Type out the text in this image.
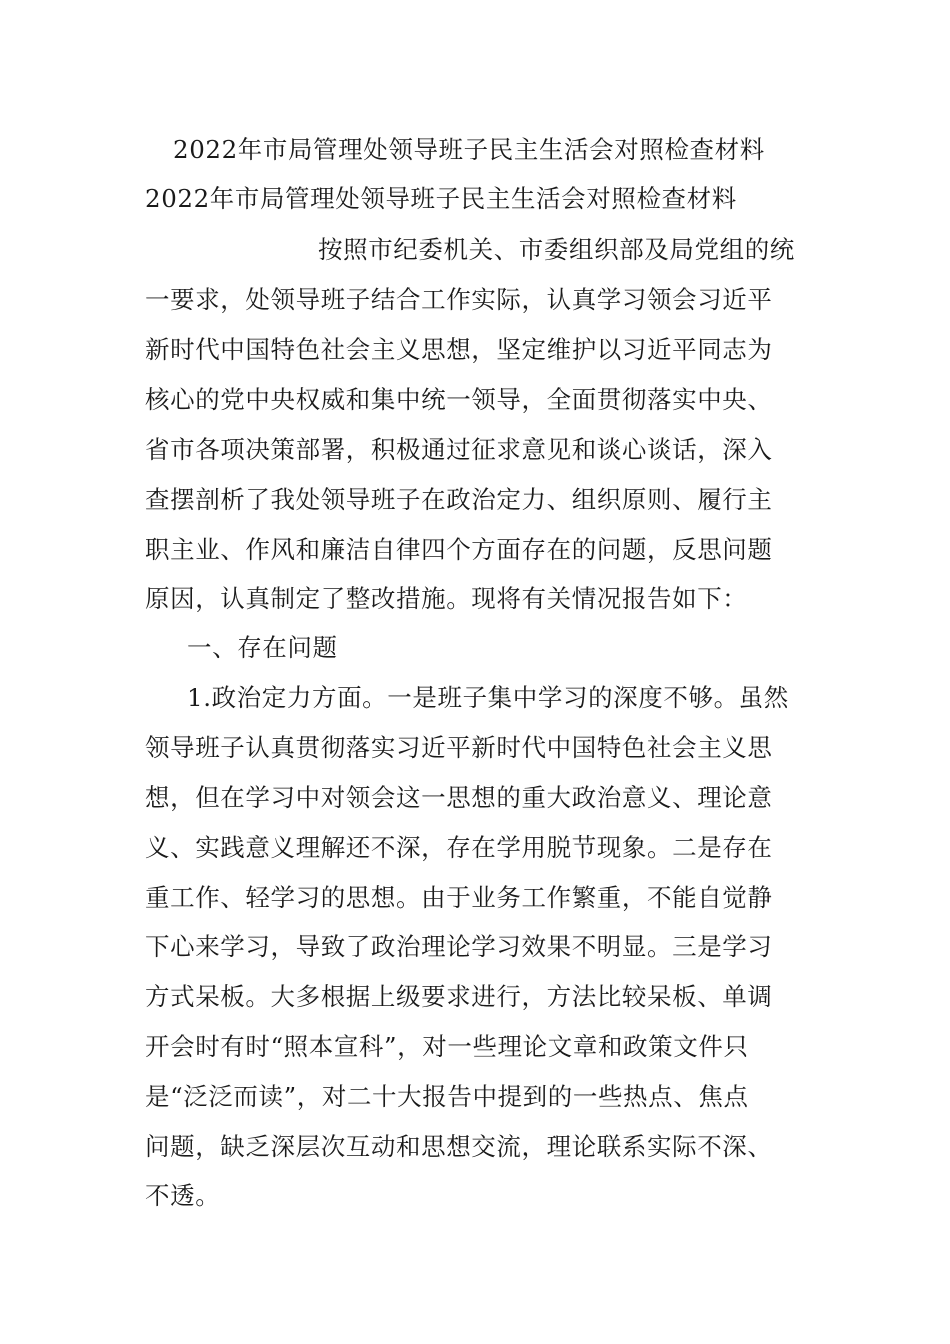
2022年市局管理处领导班子民主生活会对照检查材料
2022年市局管理处领导班子民主生活会对照检查材料
按照市纪委机关、市委组织部及局党组的统
一要求，处领导班子结合工作实际，认真学习领会习近平
新时代中国特色社会主义思想，坚定维护以习近平同志为
核心的党中央权威和集中统一领导，全面贯彻落实中央、
省市各项决策部署，积极通过征求意见和谈心谈话，深入
查摆剖析了我处领导班子在政治定力、组织原则、履行主
职主业、作风和廉洁自律四个方面存在的问题，反思问题
原因，认真制定了整改措施。现将有关情况报告如下：
一、存在问题
1.政治定力方面。一是班子集中学习的深度不够。虽然
领导班子认真贯彻落实习近平新时代中国特色社会主义思
想，但在学习中对领会这一思想的重大政治意义、理论意
义、实践意义理解还不深，存在学用脱节现象。二是存在
重工作、轻学习的思想。由于业务工作繁重，不能自觉静
下心来学习，导致了政治理论学习效果不明显。三是学习
方式呆板。大多根据上级要求进行，方法比较呆板、单调
开会时有时“照本宣科”，对一些理论文章和政策文件只
是“泛泛而读”，对二十大报告中提到的一些热点、焦点
问题，缺乏深层次互动和思想交流，理论联系实际不深、
不透。
